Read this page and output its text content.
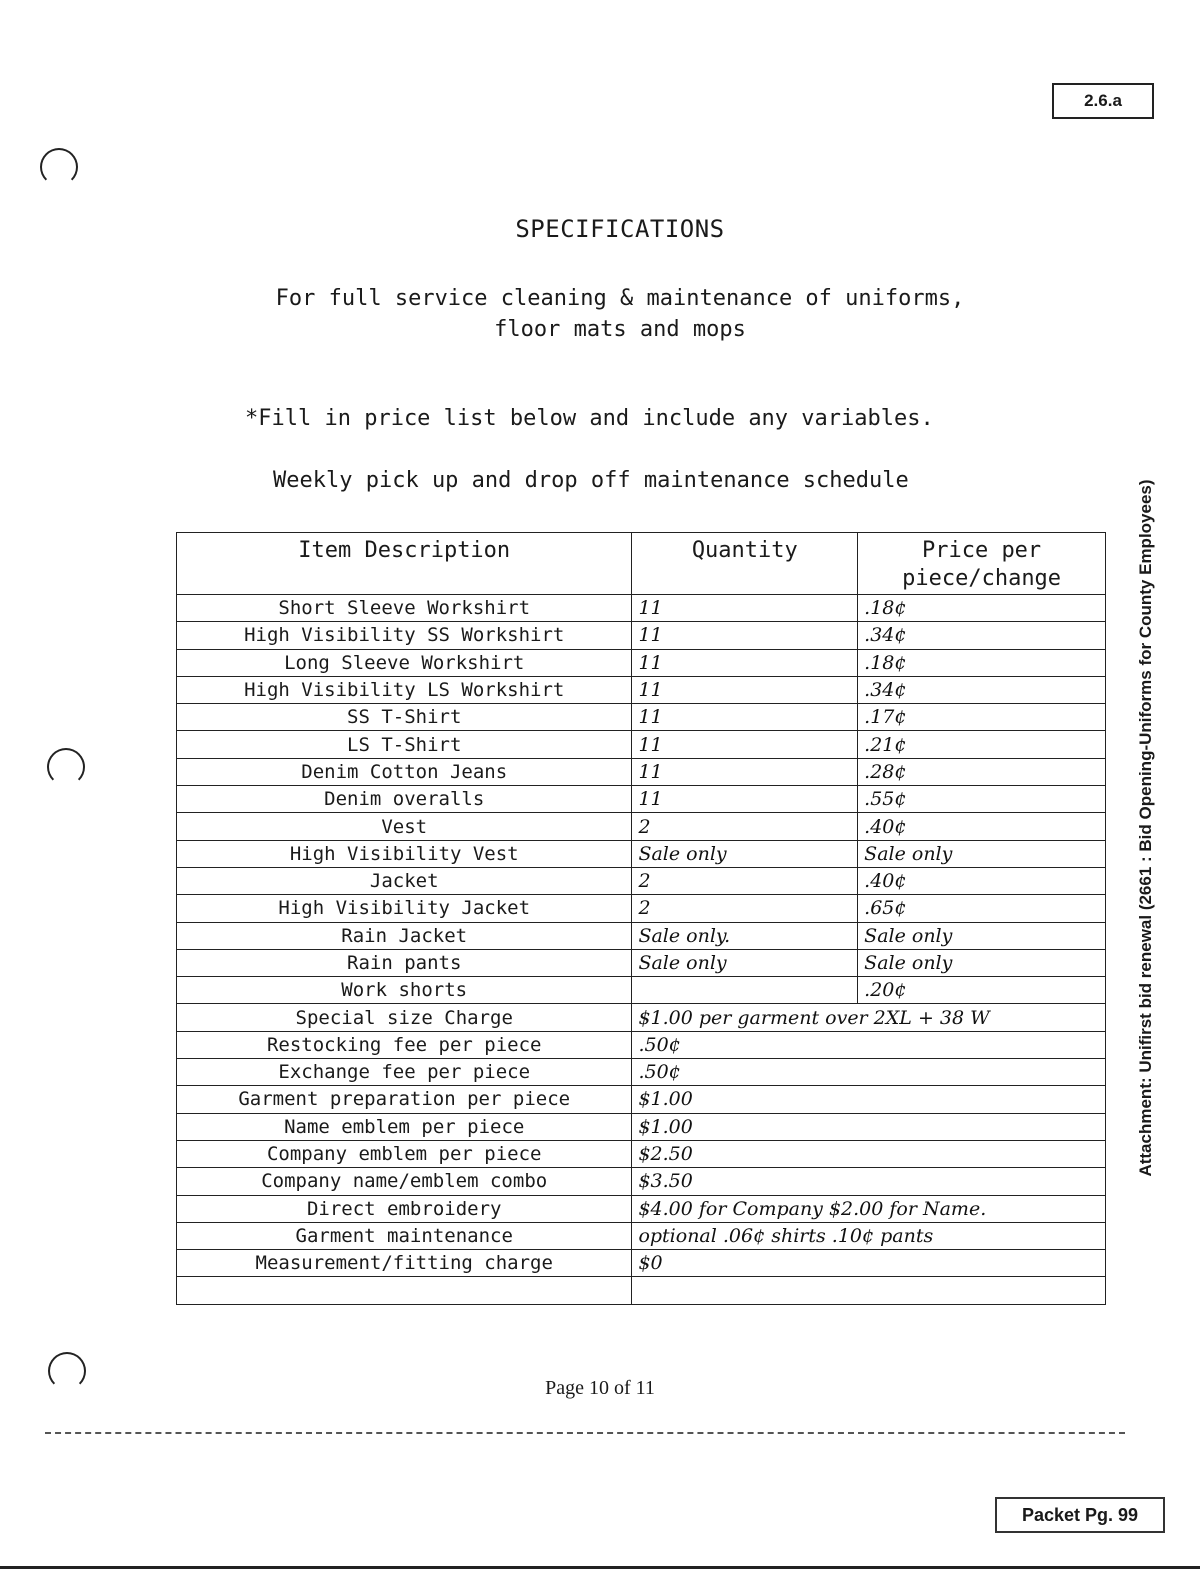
2.6.a
Attachment: Unifirst bid renewal (2661 : Bid Opening-Uniforms for County Employees)
SPECIFICATIONS
For full service cleaning & maintenance of uniforms,
floor mats and mops
*Fill in price list below and include any variables.
Weekly pick up and drop off maintenance schedule
Item Description	Quantity	Price per
piece/change

Short Sleeve Workshirt	11	.18¢
High Visibility SS Workshirt	11	.34¢
Long Sleeve Workshirt	11	.18¢
High Visibility LS Workshirt	11	.34¢
SS T-Shirt	11	.17¢
LS T-Shirt	11	.21¢
Denim Cotton Jeans	11	.28¢
Denim overalls	11	.55¢
Vest	2	.40¢
High Visibility Vest	Sale only	Sale only
Jacket	2	.40¢
High Visibility Jacket	2	.65¢
Rain Jacket	Sale only.	Sale only
Rain pants	Sale only	Sale only
Work shorts		.20¢
Special size Charge	$1.00 per garment over 2XL + 38 W	
Restocking fee per piece	.50¢	
Exchange fee per piece	.50¢	
Garment preparation per piece	$1.00	
Name emblem per piece	$1.00	
Company emblem per piece	$2.50	
Company name/emblem combo	$3.50	
Direct embroidery	$4.00 for Company $2.00 for Name.	
Garment maintenance	optional .06¢ shirts .10¢ pants	
Measurement/fitting charge	$0	

Page 10 of 11
Packet Pg. 99
